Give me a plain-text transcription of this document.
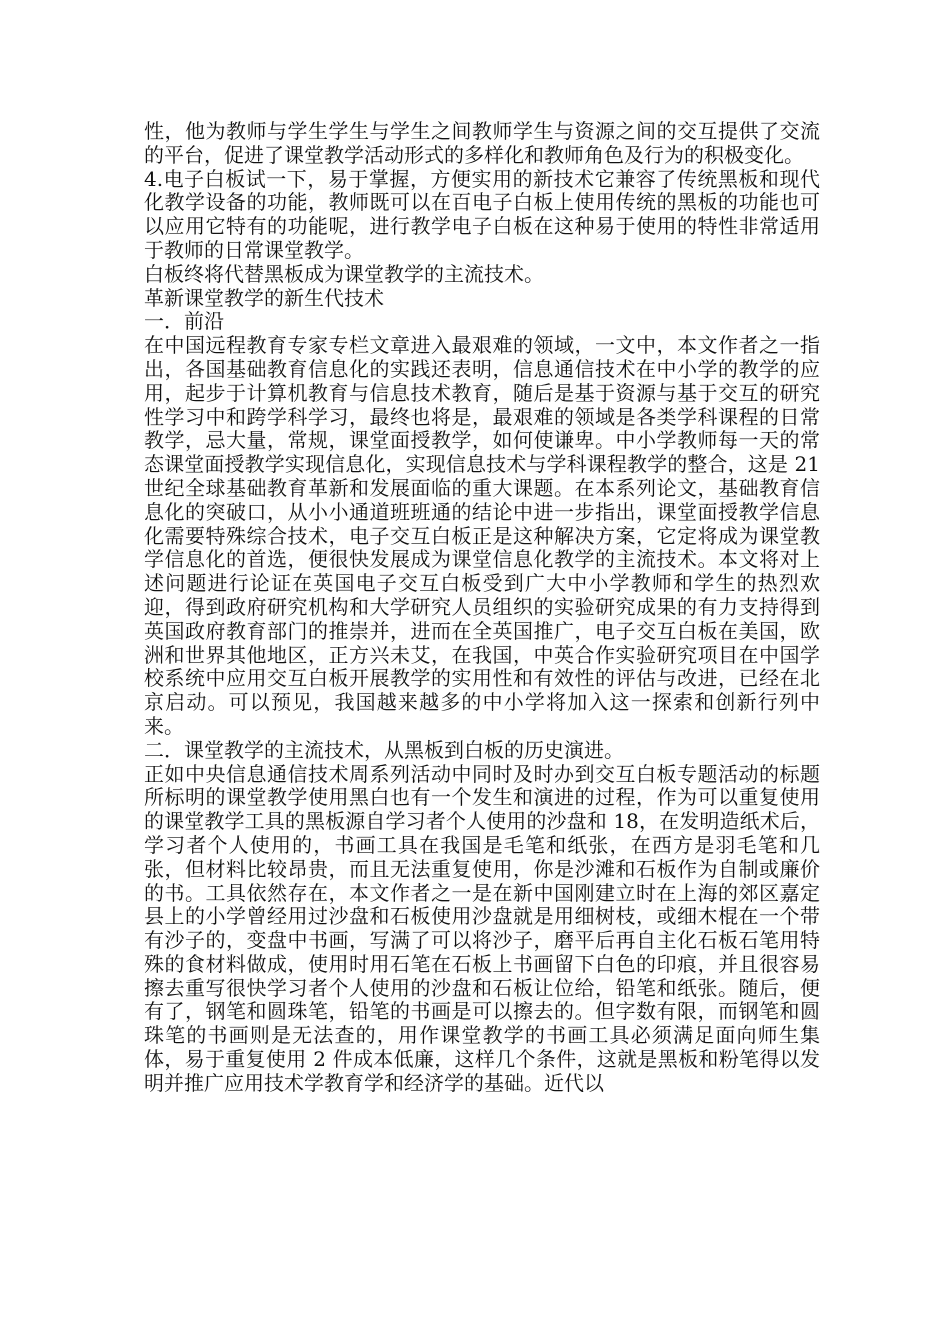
性，他为教师与学生学生与学生之间教师学生与资源之间的交互提供了交流的平台，促进了课堂教学活动形式的多样化和教师角色及行为的积极变化。

4.电子白板试一下，易于掌握，方便实用的新技术它兼容了传统黑板和现代化教学设备的功能，教师既可以在百电子白板上使用传统的黑板的功能也可以应用它特有的功能呢，进行教学电子白板在这种易于使用的特性非常适用于教师的日常课堂教学。

白板终将代替黑板成为课堂教学的主流技术。

革新课堂教学的新生代技术

一．前沿

在中国远程教育专家专栏文章进入最艰难的领域，一文中，本文作者之一指出，各国基础教育信息化的实践还表明，信息通信技术在中小学的教学的应用，起步于计算机教育与信息技术教育，随后是基于资源与基于交互的研究性学习中和跨学科学习，最终也将是，最艰难的领域是各类学科课程的日常教学，忌大量，常规，课堂面授教学，如何使谦卑。中小学教师每一天的常态课堂面授教学实现信息化，实现信息技术与学科课程教学的整合，这是 21 世纪全球基础教育革新和发展面临的重大课题。在本系列论文，基础教育信息化的突破口，从小小通道班班通的结论中进一步指出，课堂面授教学信息化需要特殊综合技术，电子交互白板正是这种解决方案，它定将成为课堂教学信息化的首选，便很快发展成为课堂信息化教学的主流技术。本文将对上述问题进行论证在英国电子交互白板受到广大中小学教师和学生的热烈欢迎，得到政府研究机构和大学研究人员组织的实验研究成果的有力支持得到英国政府教育部门的推崇并，进而在全英国推广，电子交互白板在美国，欧洲和世界其他地区，正方兴未艾，在我国，中英合作实验研究项目在中国学校系统中应用交互白板开展教学的实用性和有效性的评估与改进，已经在北京启动。可以预见，我国越来越多的中小学将加入这一探索和创新行列中来。

二．课堂教学的主流技术，从黑板到白板的历史演进。

正如中央信息通信技术周系列活动中同时及时办到交互白板专题活动的标题所标明的课堂教学使用黑白也有一个发生和演进的过程，作为可以重复使用的课堂教学工具的黑板源自学习者个人使用的沙盘和 18，在发明造纸术后，学习者个人使用的，书画工具在我国是毛笔和纸张，在西方是羽毛笔和几张，但材料比较昂贵，而且无法重复使用，你是沙滩和石板作为自制或廉价的书。工具依然存在，本文作者之一是在新中国刚建立时在上海的郊区嘉定县上的小学曾经用过沙盘和石板使用沙盘就是用细树枝，或细木棍在一个带有沙子的，变盘中书画，写满了可以将沙子，磨平后再自主化石板石笔用特殊的食材料做成，使用时用石笔在石板上书画留下白色的印痕，并且很容易擦去重写很快学习者个人使用的沙盘和石板让位给，铅笔和纸张。随后，便有了，钢笔和圆珠笔，铅笔的书画是可以擦去的。但字数有限，而钢笔和圆珠笔的书画则是无法查的，用作课堂教学的书画工具必须满足面向师生集体，易于重复使用 2 件成本低廉，这样几个条件，这就是黑板和粉笔得以发明并推广应用技术学教育学和经济学的基础。近代以
